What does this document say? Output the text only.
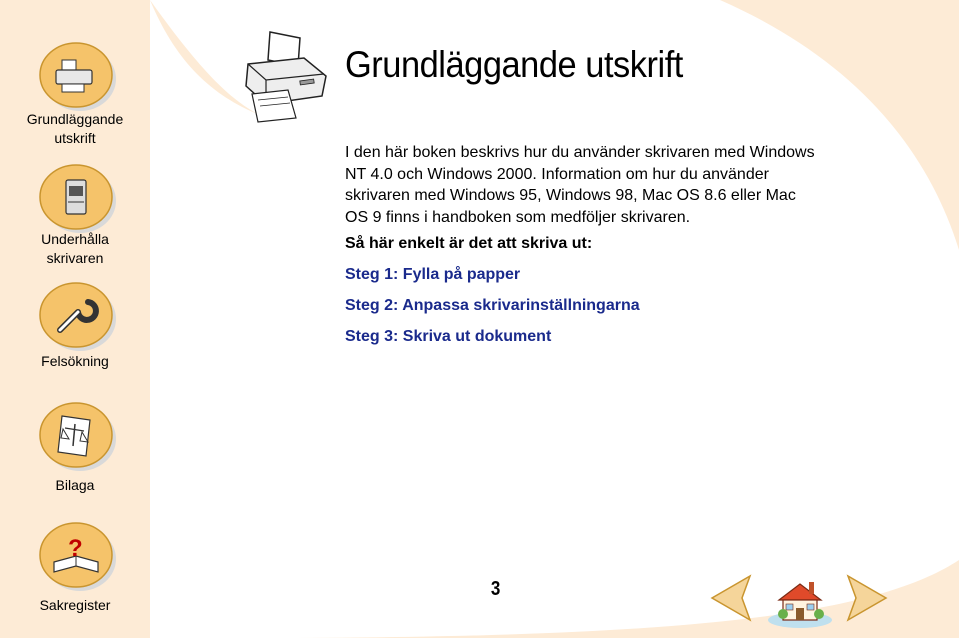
Grundläggande
utskrift
Underhålla
skrivaren
Felsökning
Bilaga
?
Sakregister
Grundläggande utskrift

I den här boken beskrivs hur du använder skrivaren med Windows NT 4.0 och Windows 2000. Information om hur du använder skrivaren med Windows 95, Windows 98, Mac OS 8.6 eller Mac OS 9 finns i handboken som medföljer skrivaren.

Så här enkelt är det att skriva ut:

Steg 1: Fylla på papper
Steg 2: Anpassa skrivarinställningarna
Steg 3: Skriva ut dokument
3
